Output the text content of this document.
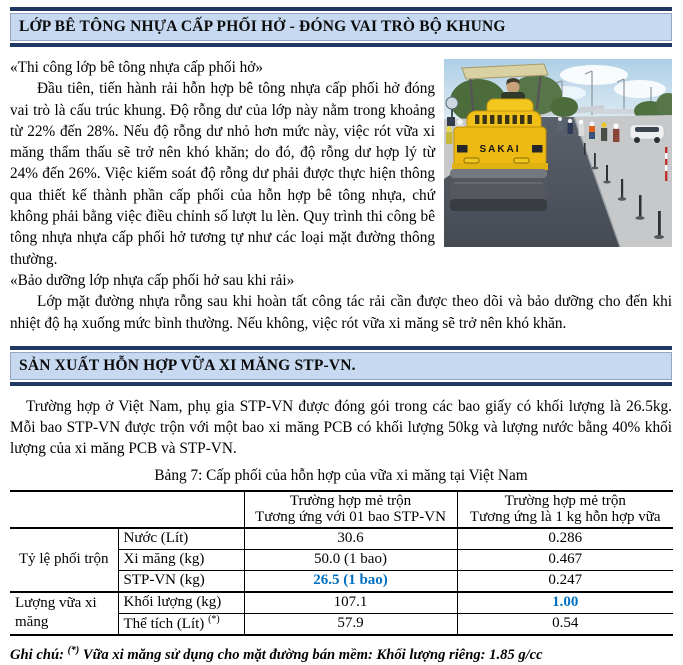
LỚP BÊ TÔNG NHỰA CẤP PHỐI HỞ - ĐÓNG VAI TRÒ BỘ KHUNG
SAKAI

«Thi công lớp bê tông nhựa cấp phối hở»

Đầu tiên, tiến hành rải hỗn hợp bê tông nhựa cấp phối hở đóng vai trò là cấu trúc khung. Độ rỗng dư của lớp này nằm trong khoảng từ 22% đến 28%. Nếu độ rỗng dư nhỏ hơn mức này, việc rót vữa xi măng thẩm thấu sẽ trở nên khó khăn; do đó, độ rỗng dư hợp lý từ 24% đến 26%. Việc kiểm soát độ rỗng dư phải được thực hiện thông qua thiết kế thành phần cấp phối của hỗn hợp bê tông nhựa, chứ không phải bằng việc điều chỉnh số lượt lu lèn. Quy trình thi công bê tông nhựa nhựa cấp phối hở tương tự như các loại mặt đường thông thường.

«Bảo dưỡng lớp nhựa cấp phối hở sau khi rải»

Lớp mặt đường nhựa rỗng sau khi hoàn tất công tác rải cần được theo dõi và bảo dưỡng cho đến khi nhiệt độ hạ xuống mức bình thường. Nếu không, việc rót vữa xi măng sẽ trở nên khó khăn.

SẢN XUẤT HỖN HỢP VỮA XI MĂNG STP-VN.

Trường hợp ở Việt Nam, phụ gia STP-VN được đóng gói trong các bao giấy có khối lượng là 26.5kg. Mỗi bao STP-VN được trộn với một bao xi măng PCB có khối lượng 50kg và lượng nước bằng 40% khối lượng của xi măng PCB và STP-VN.

Bảng 7: Cấp phối của hỗn hợp của vữa xi măng tại Việt Nam

Trường hợp mẻ trộn
Tương ứng với 01 bao STP-VN

Trường hợp mẻ trộn
Tương ứng là 1 kg hỗn hợp vữa

Tỷ lệ phối trộn	Nước (Lít)	30.6	0.286
	Xi măng (kg)	50.0 (1 bao)	0.467
	STP-VN (kg)	26.5 (1 bao)	0.247
Lượng vữa xi măng	Khối lượng (kg)	107.1	1.00
	Thể tích (Lít) (*)	57.9	0.54

Ghi chú: (*) Vữa xi măng sử dụng cho mặt đường bán mềm: Khối lượng riêng: 1.85 g/cc
